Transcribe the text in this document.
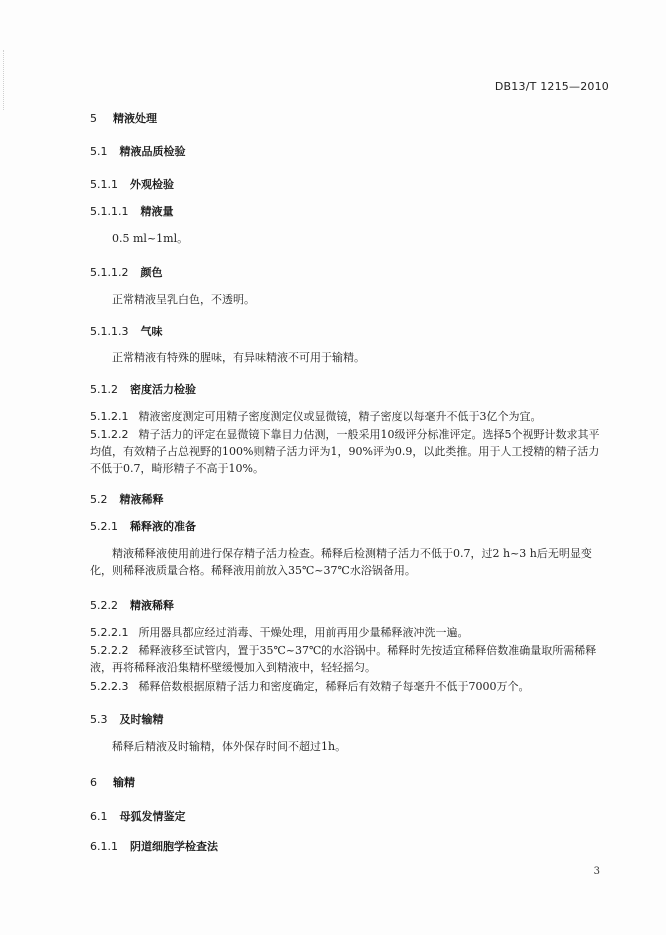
DB13/T 1215—2010
5 精液处理
5.1 精液品质检验
5.1.1 外观检验
5.1.1.1 精液量
0.5 ml~1ml。
5.1.1.2 颜色
正常精液呈乳白色，不透明。
5.1.1.3 气味
正常精液有特殊的腥味，有异味精液不可用于输精。
5.1.2 密度活力检验
5.1.2.1 精液密度测定可用精子密度测定仪或显微镜，精子密度以每毫升不低于3亿个为宜。
5.1.2.2 精子活力的评定在显微镜下靠目力估测，一般采用10级评分标准评定。选择5个视野计数求其平均值，有效精子占总视野的100%则精子活力评为1，90%评为0.9，以此类推。用于人工授精的精子活力不低于0.7，畸形精子不高于10%。
5.2 精液稀释
5.2.1 稀释液的准备
精液稀释液使用前进行保存精子活力检查。稀释后检测精子活力不低于0.7，过2 h~3 h后无明显变化，则稀释液质量合格。稀释液用前放入35℃~37℃水浴锅备用。
5.2.2 精液稀释
5.2.2.1 所用器具都应经过消毒、干燥处理，用前再用少量稀释液冲洗一遍。
5.2.2.2 稀释液移至试管内，置于35℃~37℃的水浴锅中。稀释时先按适宜稀释倍数准确量取所需稀释液，再将稀释液沿集精杯壁缓慢加入到精液中，轻轻摇匀。
5.2.2.3 稀释倍数根据原精子活力和密度确定，稀释后有效精子每毫升不低于7000万个。
5.3 及时输精
稀释后精液及时输精，体外保存时间不超过1h。
6 输精
6.1 母狐发情鉴定
6.1.1 阴道细胞学检查法
3
